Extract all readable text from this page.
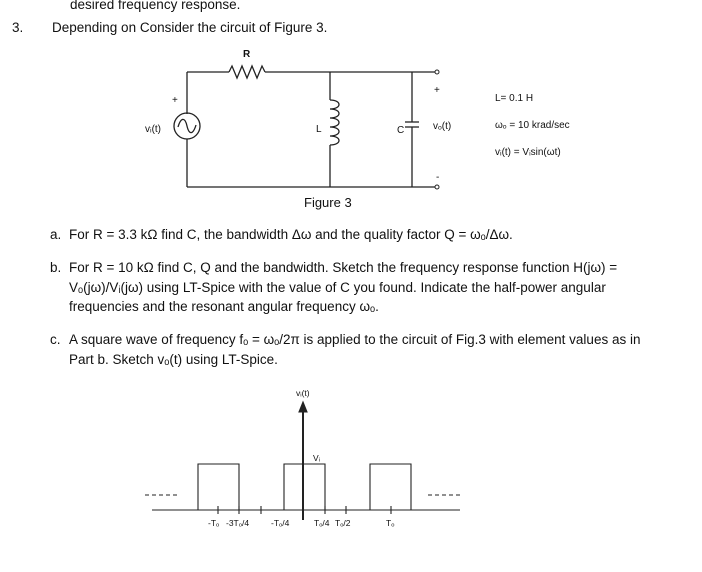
desired frequency response.
3. Depending on Consider the circuit of Figure 3.
R
+
vᵢ(t)	L	C
+
vₒ(t)
-
L= 0.1 H
ωₒ = 10 krad/sec
vᵢ(t) = Vᵢsin(ωt)
Figure 3
a. For R = 3.3 kΩ find C, the bandwidth Δω and the quality factor Q = ωₒ/Δω.
b. For R = 10 kΩ find C, Q and the bandwidth. Sketch the frequency response function H(jω) =
Vₒ(jω)/Vᵢ(jω) using LT-Spice with the value of C you found. Indicate the half-power angular
frequencies and the resonant angular frequency ωₒ.
c. A square wave of frequency fₒ = ωₒ/2π is applied to the circuit of Fig.3 with element values as in
Part b. Sketch vₒ(t) using LT-Spice.
vᵢ(t)
Vᵢ
-Tₒ -3Tₒ/4	-Tₒ/4	Tₒ/4 Tₒ/2	Tₒ
